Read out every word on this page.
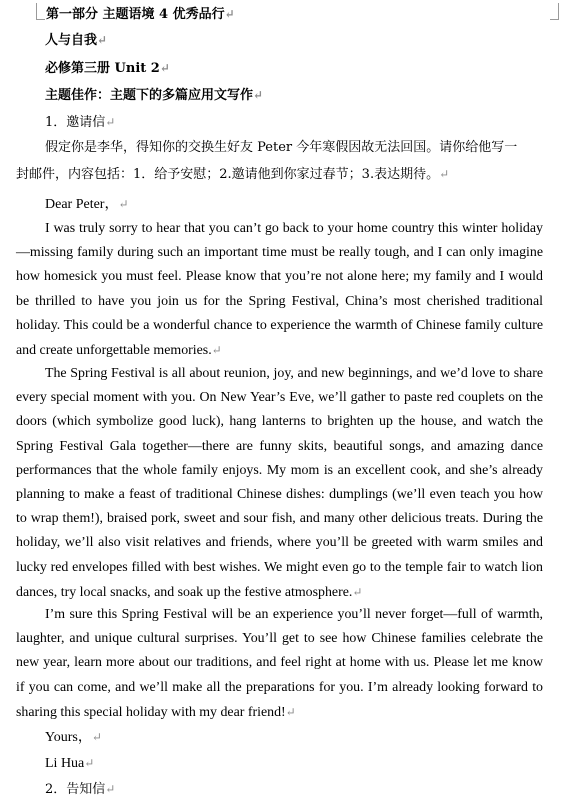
第一部分 主题语境 4 优秀品行↵
人与自我↵
必修第三册 Unit 2↵
主题佳作：主题下的多篇应用文写作↵
1．邀请信↵
假定你是李华，得知你的交换生好友 Peter 今年寒假因故无法回国。请你给他写一
封邮件，内容包括：1．给予安慰；2.邀请他到你家过春节；3.表达期待。↵
Dear Peter，↵
I was truly sorry to hear that you can’t go back to your home country this winter holiday—missing family during such an important time must be really tough, and I can only imagine how homesick you must feel. Please know that you’re not alone here; my family and I would be thrilled to have you join us for the Spring Festival, China’s most cherished traditional holiday. This could be a wonderful chance to experience the warmth of Chinese family culture and create unforgettable memories.↵
The Spring Festival is all about reunion, joy, and new beginnings, and we’d love to share every special moment with you. On New Year’s Eve, we’ll gather to paste red couplets on the doors (which symbolize good luck), hang lanterns to brighten up the house, and watch the Spring Festival Gala together—there are funny skits, beautiful songs, and amazing dance performances that the whole family enjoys. My mom is an excellent cook, and she’s already planning to make a feast of traditional Chinese dishes: dumplings (we’ll even teach you how to wrap them!), braised pork, sweet and sour fish, and many other delicious treats. During the holiday, we’ll also visit relatives and friends, where you’ll be greeted with warm smiles and lucky red envelopes filled with best wishes. We might even go to the temple fair to watch lion dances, try local snacks, and soak up the festive atmosphere.↵
I’m sure this Spring Festival will be an experience you’ll never forget—full of warmth, laughter, and unique cultural surprises. You’ll get to see how Chinese families celebrate the new year, learn more about our traditions, and feel right at home with us. Please let me know if you can come, and we’ll make all the preparations for you. I’m already looking forward to sharing this special holiday with my dear friend!↵
Yours，↵
Li Hua↵
2．告知信↵
